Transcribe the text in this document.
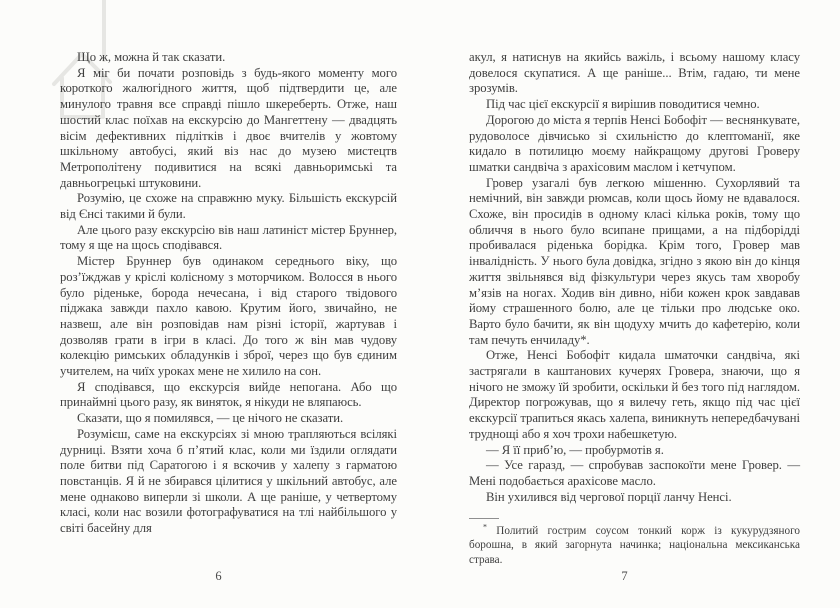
Що ж, можна й так сказати.

Я міг би почати розповідь з будь-якого моменту мого короткого жалюгідного життя, щоб підтвердити це, але минулого травня все справді пішло шкереберть. Отже, наш шостий клас поїхав на екскурсію до Мангеттену — двадцять вісім дефективних підлітків і двоє вчителів у жовтому шкільному автобусі, який віз нас до музею мистецтв Метрополітену подивитися на всякі давньоримські та давньогрецькі штуковини.

Розумію, це схоже на справжню муку. Більшість екскурсій від Єнсі такими й були.

Але цього разу екскурсію вів наш латиніст містер Бруннер, тому я ще на щось сподівався.

Містер Бруннер був одинаком середнього віку, що роз’їжджав у кріслі колісному з моторчиком. Волосся в нього було ріденьке, борода нечесана, і від старого твідового піджака завжди пахло кавою. Крутим його, звичайно, не назвеш, але він розповідав нам різні історії, жартував і дозволяв грати в ігри в класі. До того ж він мав чудову колекцію римських обладунків і зброї, через що був єдиним учителем, на чиїх уроках мене не хилило на сон.

Я сподівався, що екскурсія вийде непогана. Або що принаймні цього разу, як виняток, я нікуди не вляпаюсь.

Сказати, що я помилявся, — це нічого не сказати.

Розумієш, саме на екскурсіях зі мною трапляються всілякі дурниці. Взяти хоча б п’ятий клас, коли ми їздили оглядати поле битви під Саратогою і я вскочив у халепу з гарматою повстанців. Я й не збирався цілитися у шкільний автобус, але мене однаково виперли зі школи. А ще раніше, у четвертому класі, коли нас возили фотографуватися на тлі найбільшого у світі басейну для

6

акул, я натиснув на якийсь важіль, і всьому нашому класу довелося скупатися. А ще раніше... Втім, гадаю, ти мене зрозумів.

Під час цієї екскурсії я вирішив поводитися чемно.

Дорогою до міста я терпів Ненсі Бобофіт — веснянкувате, рудоволосе дівчисько зі схильністю до клептоманії, яке кидало в потилицю моєму найкращому другові Гроверу шматки сандвіча з арахісовим маслом і кетчупом.

Гровер узагалі був легкою мішенню. Сухорлявий та немічний, він завжди рюмсав, коли щось йому не вдавалося. Схоже, він просидів в одному класі кілька років, тому що обличчя в нього було всипане прищами, а на підборідді пробивалася ріденька борідка. Крім того, Гровер мав інвалідність. У нього була довідка, згідно з якою він до кінця життя звільнявся від фізкультури через якусь там хворобу м’язів на ногах. Ходив він дивно, ніби кожен крок завдавав йому страшенного болю, але це тільки про людське око. Варто було бачити, як він щодуху мчить до кафетерію, коли там печуть енчиладу*.

Отже, Ненсі Бобофіт кидала шматочки сандвіча, які застрягали в каштанових кучерях Гровера, знаючи, що я нічого не зможу їй зробити, оскільки й без того під наглядом. Директор погрожував, що я вилечу геть, якщо під час цієї екскурсії трапиться якась халепа, виникнуть непередбачувані труднощі або я хоч трохи набешкетую.

— Я її приб’ю, — пробурмотів я.

— Усе гаразд, — спробував заспокоїти мене Гровер. — Мені подобається арахісове масло.

Він ухилився від чергової порції ланчу Ненсі.

* Политий гострим соусом тонкий корж із кукурудзяного борошна, в який загорнута начинка; національна мексиканська страва.

7
